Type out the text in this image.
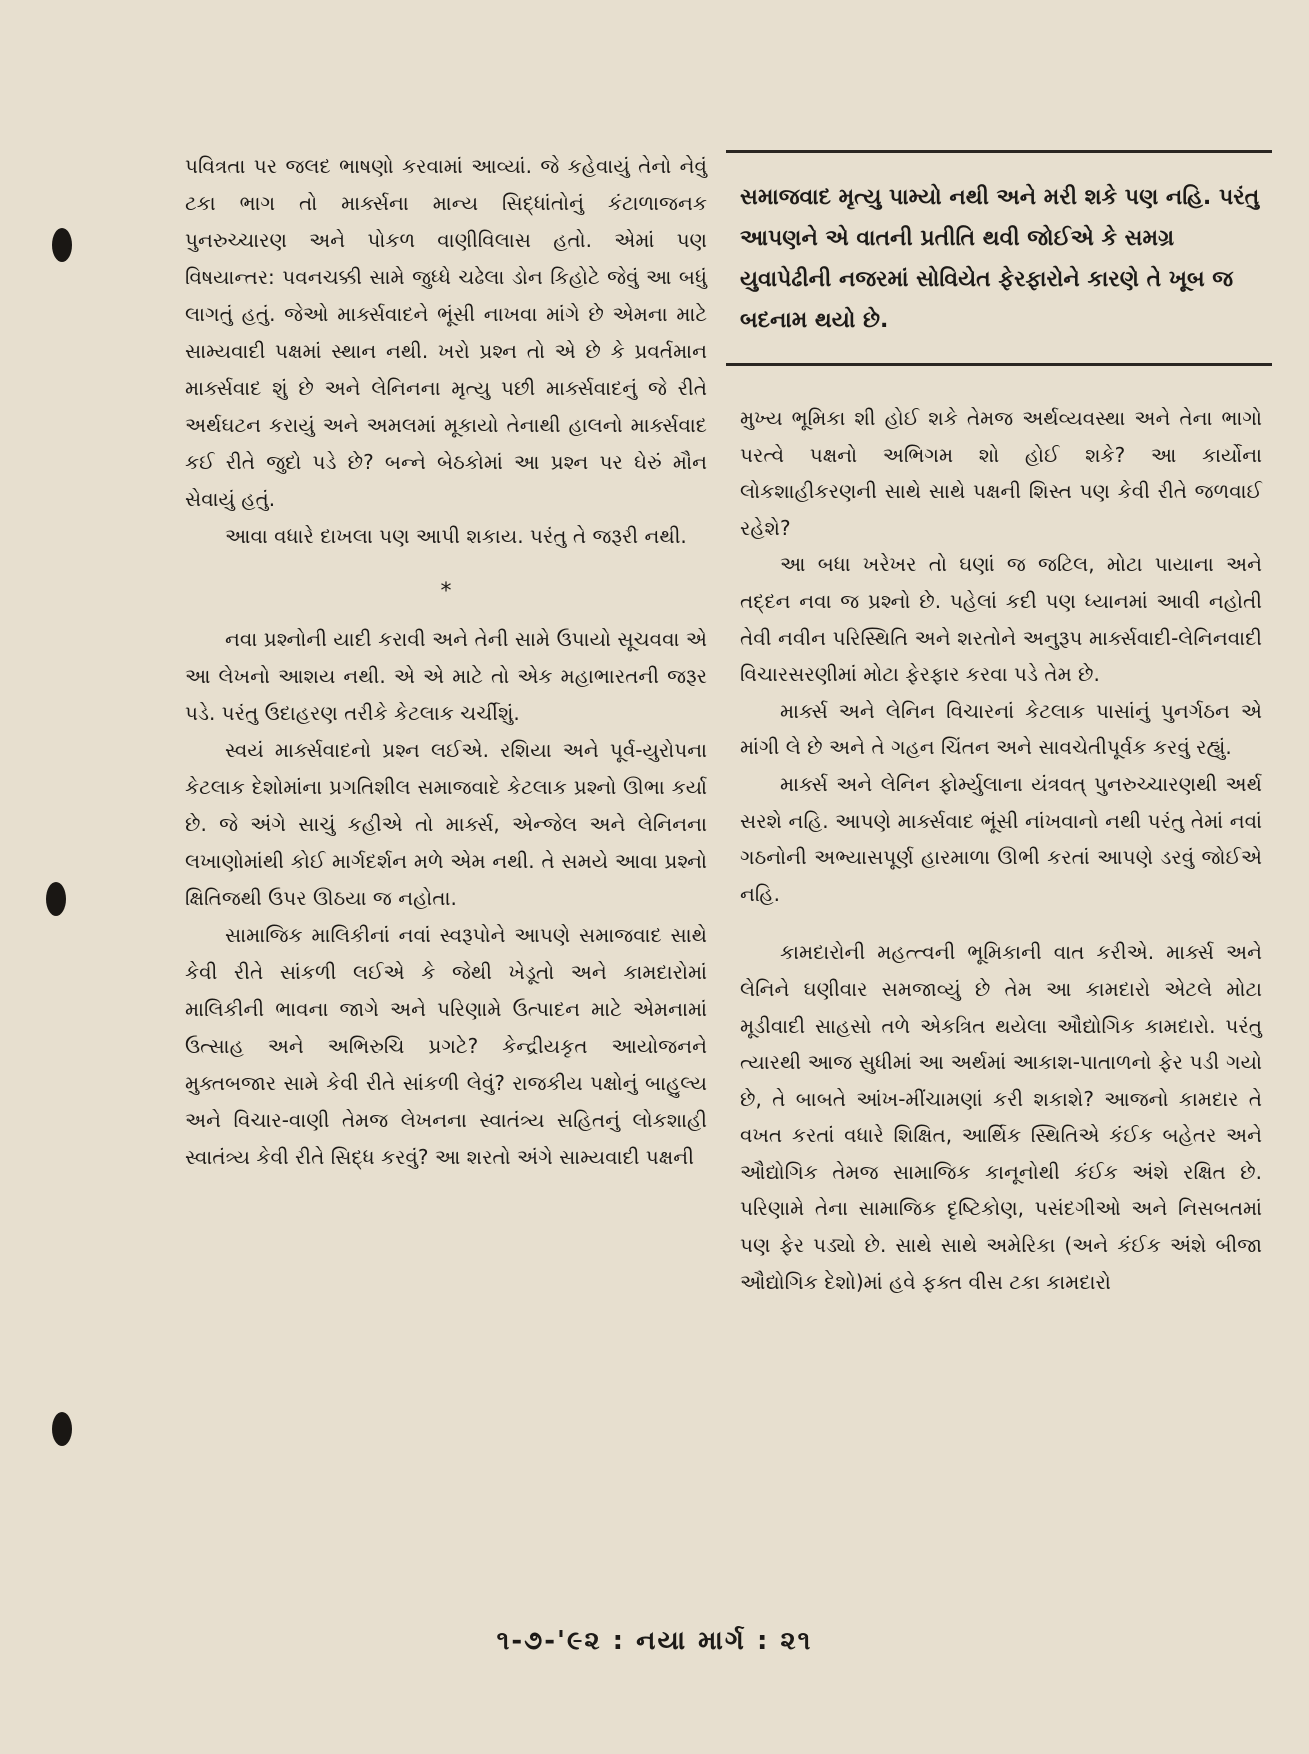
પવિત્રતા પર જલદ ભાષણો કરવામાં આવ્યાં. જે કહેવાયું તેનો નેવું ટકા ભાગ તો માર્ક્સના માન્ય સિદ્ધાંતોનું કંટાળાજનક પુનરુચ્ચારણ અને પોકળ વાણીવિલાસ હતો. એમાં પણ વિષયાન્તર: પવનચક્કી સામે જુધ્ધે ચઢેલા ડોન કિહોટે જેવું આ બધું લાગતું હતું. જેઓ માર્ક્સવાદને ભૂંસી નાખવા માંગે છે એમના માટે સામ્યવાદી પક્ષમાં સ્થાન નથી. ખરો પ્રશ્ન તો એ છે કે પ્રવર્તમાન માર્ક્સવાદ શું છે અને લેનિનના મૃત્યુ પછી માર્ક્સવાદનું જે રીતે અર્થઘટન કરાયું અને અમલમાં મૂકાયો તેનાથી હાલનો માર્ક્સવાદ કઈ રીતે જુદો પડે છે? બન્ને બેઠકોમાં આ પ્રશ્ન પર ઘેરું મૌન સેવાયું હતું.

આવા વધારે દાખલા પણ આપી શકાય. પરંતુ તે જરૂરી નથી.

*

નવા પ્રશ્નોની યાદી કરાવી અને તેની સામે ઉપાયો સૂચવવા એ આ લેખનો આશય નથી. એ એ માટે તો એક મહાભારતની જરૂર પડે. પરંતુ ઉદાહરણ તરીકે કેટલાક ચર્ચીશું.

સ્વયં માર્ક્સવાદનો પ્રશ્ન લઈએ. રશિયા અને પૂર્વ-યુરોપના કેટલાક દેશોમાંના પ્રગતિશીલ સમાજવાદે કેટલાક પ્રશ્નો ઊભા કર્યા છે. જે અંગે સાચું કહીએ તો માર્ક્સ, એન્જેલ અને લેનિનના લખાણોમાંથી કોઈ માર્ગદર્શન મળે એમ નથી. તે સમયે આવા પ્રશ્નો ક્ષિતિજથી ઉપર ઊઠયા જ નહોતા.

સામાજિક માલિકીનાં નવાં સ્વરૂપોને આપણે સમાજવાદ સાથે કેવી રીતે સાંકળી લઈએ કે જેથી ખેડૂતો અને કામદારોમાં માલિકીની ભાવના જાગે અને પરિણામે ઉત્પાદન માટે એમનામાં ઉત્સાહ અને અભિરુચિ પ્રગટે? કેન્દ્રીયકૃત આયોજનને મુક્તબજાર સામે કેવી રીતે સાંકળી લેવું? રાજકીય પક્ષોનું બાહુલ્ય અને વિચાર-વાણી તેમજ લેખનના સ્વાતંત્ર્ય સહિતનું લોકશાહી સ્વાતંત્ર્ય કેવી રીતે સિદ્ધ કરવું? આ શરતો અંગે સામ્યવાદી પક્ષની

સમાજવાદ મૃત્યુ પામ્યો નથી અને મરી શકે પણ નહિ. પરંતુ આપણને એ વાતની પ્રતીતિ થવી જોઈએ કે સમગ્ર યુવાપેઢીની નજરમાં સોવિયેત ફેરફારોને કારણે તે ખૂબ જ બદનામ થયો છે.

મુખ્ય ભૂમિકા શી હોઈ શકે તેમજ અર્થવ્યવસ્થા અને તેના ભાગો પરત્વે પક્ષનો અભિગમ શો હોઈ શકે? આ કાર્યોના લોકશાહીકરણની સાથે સાથે પક્ષની શિસ્ત પણ કેવી રીતે જળવાઈ રહેશે?

આ બધા ખરેખર તો ઘણાં જ જટિલ, મોટા પાયાના અને તદ્દન નવા જ પ્રશ્નો છે. પહેલાં કદી પણ ધ્યાનમાં આવી નહોતી તેવી નવીન પરિસ્થિતિ અને શરતોને અનુરૂપ માર્ક્સવાદી-લેનિનવાદી વિચારસરણીમાં મોટા ફેરફાર કરવા પડે તેમ છે.

માર્ક્સ અને લેનિન વિચારનાં કેટલાક પાસાંનું પુનર્ગઠન એ માંગી લે છે અને તે ગહન ચિંતન અને સાવચેતીપૂર્વક કરવું રહ્યું.

માર્ક્સ અને લેનિન ફોર્મ્યુલાના યંત્રવત્ પુનરુચ્ચારણથી અર્થ સરશે નહિ. આપણે માર્ક્સવાદ ભૂંસી નાંખવાનો નથી પરંતુ તેમાં નવાં ગઠનોની અભ્યાસપૂર્ણ હારમાળા ઊભી કરતાં આપણે ડરવું જોઈએ નહિ.

કામદારોની મહત્ત્વની ભૂમિકાની વાત કરીએ. માર્ક્સ અને લેનિને ઘણીવાર સમજાવ્યું છે તેમ આ કામદારો એટલે મોટા મૂડીવાદી સાહસો તળે એકત્રિત થયેલા ઔદ્યોગિક કામદારો. પરંતુ ત્યારથી આજ સુધીમાં આ અર્થમાં આકાશ-પાતાળનો ફેર પડી ગયો છે, તે બાબતે આંખ-મીંચામણાં કરી શકાશે? આજનો કામદાર તે વખત કરતાં વધારે શિક્ષિત, આર્થિક સ્થિતિએ કંઈક બહેતર અને ઔદ્યોગિક તેમજ સામાજિક કાનૂનોથી કંઈક અંશે રક્ષિત છે. પરિણામે તેના સામાજિક દૃષ્ટિકોણ, પસંદગીઓ અને નિસબતમાં પણ ફેર પડ્યો છે. સાથે સાથે અમેરિકા (અને કંઈક અંશે બીજા ઔદ્યોગિક દેશો)માં હવે ફક્ત વીસ ટકા કામદારો

૧-૭-'૯૨ : નયા માર્ગ : ૨૧
